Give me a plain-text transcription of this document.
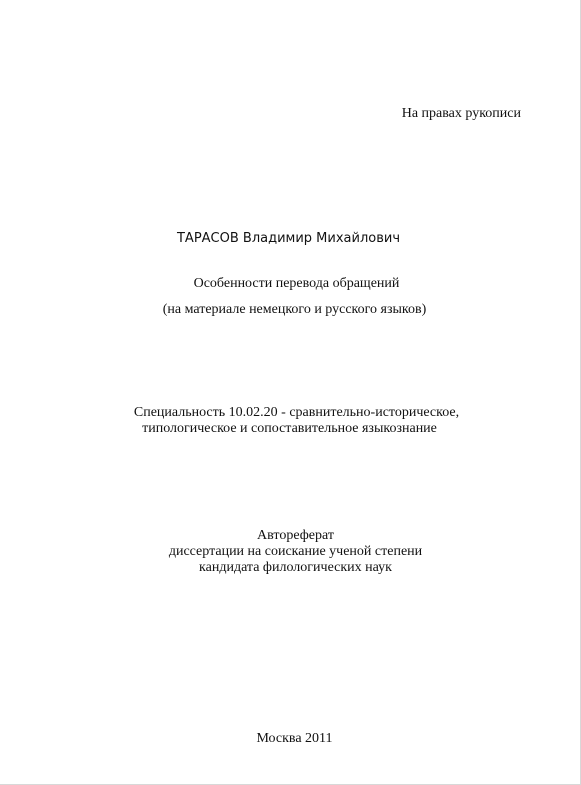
На правах рукописи
ТАРАСОВ Владимир Михайлович
Особенности перевода обращений
(на материале немецкого и русского языков)
Специальность 10.02.20 - сравнительно-историческое,
типологическое и сопоставительное языкознание
Автореферат
диссертации на соискание ученой степени
кандидата филологических наук
Москва 2011
